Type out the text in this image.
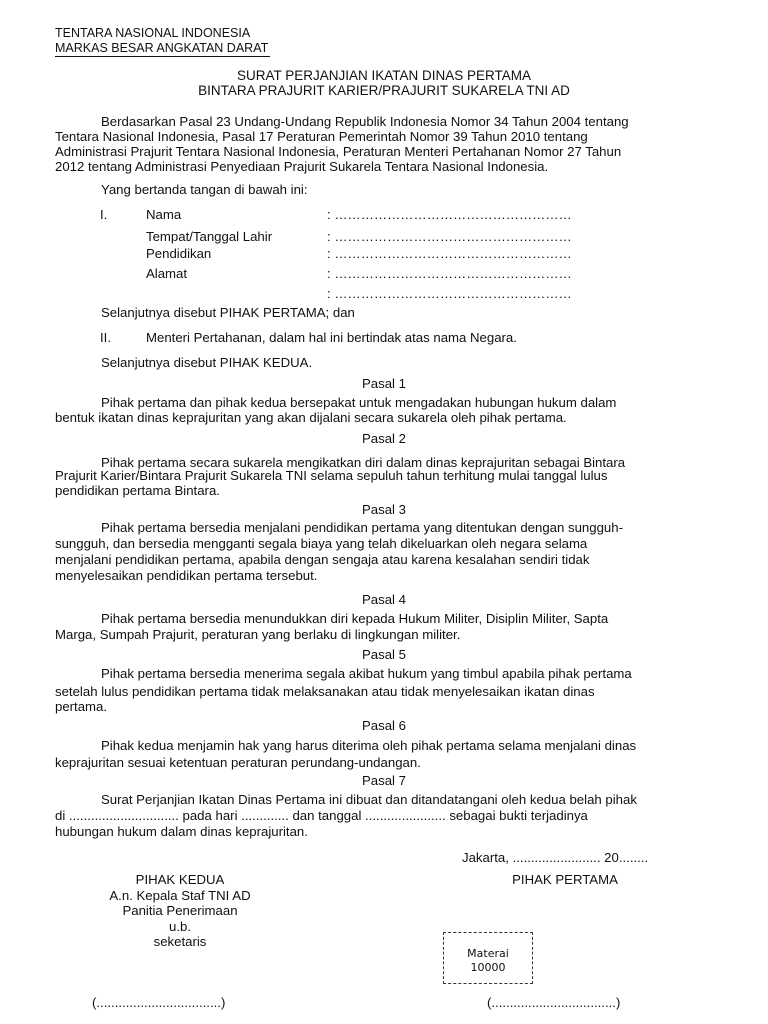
TENTARA NASIONAL INDONESIA
MARKAS BESAR ANGKATAN DARAT
SURAT PERJANJIAN IKATAN DINAS PERTAMA
BINTARA PRAJURIT KARIER/PRAJURIT SUKARELA TNI AD
Berdasarkan Pasal 23 Undang-Undang Republik Indonesia Nomor 34 Tahun 2004 tentang
Tentara Nasional Indonesia, Pasal 17 Peraturan Pemerintah Nomor 39 Tahun 2010 tentang
Administrasi Prajurit Tentara Nasional Indonesia, Peraturan Menteri Pertahanan Nomor 27 Tahun
2012 tentang Administrasi Penyediaan Prajurit Sukarela Tentara Nasional Indonesia.
Yang bertanda tangan di bawah ini:
I.	Nama	: ………………………………………………
Tempat/Tanggal Lahir	: ………………………………………………
Pendidikan	: ………………………………………………
Alamat	: ………………………………………………
: ………………………………………………
Selanjutnya disebut PIHAK PERTAMA; dan
II.	Menteri Pertahanan, dalam hal ini bertindak atas nama Negara.
Selanjutnya disebut PIHAK KEDUA.
Pasal 1
Pihak pertama dan pihak kedua bersepakat untuk mengadakan hubungan hukum dalam
bentuk ikatan dinas keprajuritan yang akan dijalani secara sukarela oleh pihak pertama.
Pasal 2
Pihak pertama secara sukarela mengikatkan diri dalam dinas keprajuritan sebagai Bintara
Prajurit Karier/Bintara Prajurit Sukarela TNI selama sepuluh tahun terhitung mulai tanggal lulus
pendidikan pertama Bintara.
Pasal 3
Pihak pertama bersedia menjalani pendidikan pertama yang ditentukan dengan sungguh-
sungguh, dan bersedia mengganti segala biaya yang telah dikeluarkan oleh negara selama
menjalani pendidikan pertama, apabila dengan sengaja atau karena kesalahan sendiri tidak
menyelesaikan pendidikan pertama tersebut.
Pasal 4
Pihak pertama bersedia menundukkan diri kepada Hukum Militer, Disiplin Militer, Sapta
Marga, Sumpah Prajurit, peraturan yang berlaku di lingkungan militer.
Pasal 5
Pihak pertama bersedia menerima segala akibat hukum yang timbul apabila pihak pertama
setelah lulus pendidikan pertama tidak melaksanakan atau tidak menyelesaikan ikatan dinas
pertama.
Pasal 6
Pihak kedua menjamin hak yang harus diterima oleh pihak pertama selama menjalani dinas
keprajuritan sesuai ketentuan peraturan perundang-undangan.
Pasal 7
Surat Perjanjian Ikatan Dinas Pertama ini dibuat dan ditandatangani oleh kedua belah pihak
di .............................. pada hari ............. dan tanggal ...................... sebagai bukti terjadinya
hubungan hukum dalam dinas keprajuritan.
Jakarta, ........................ 20........
PIHAK KEDUA
A.n. Kepala Staf TNI AD
Panitia Penerimaan
u.b.
seketaris
PIHAK PERTAMA
Materai
10000
(..................................)	(..................................)
